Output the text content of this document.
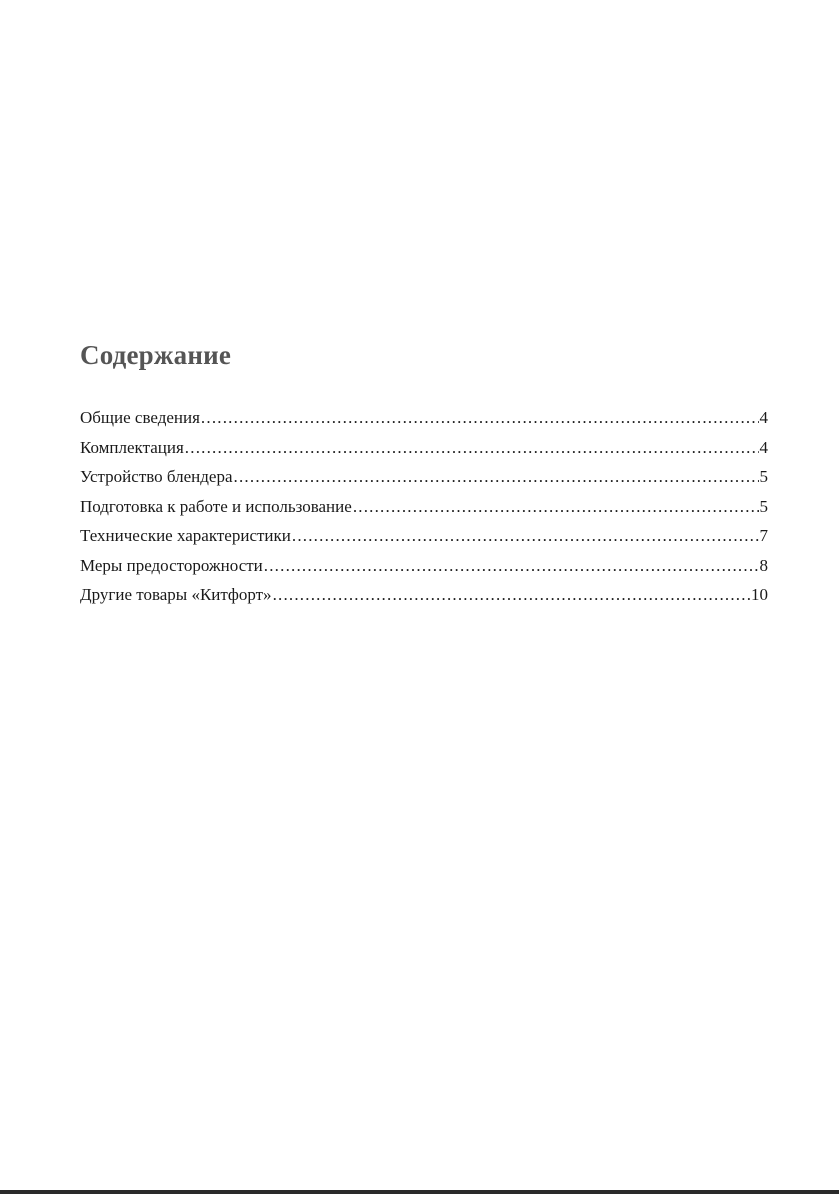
Содержание
Общие сведения .....	4
Комплектация .....	4
Устройство блендера .....	5
Подготовка к работе и использование .....	5
Технические характеристики .....	7
Меры предосторожности .....	8
Другие товары «Китфорт» .....	10
